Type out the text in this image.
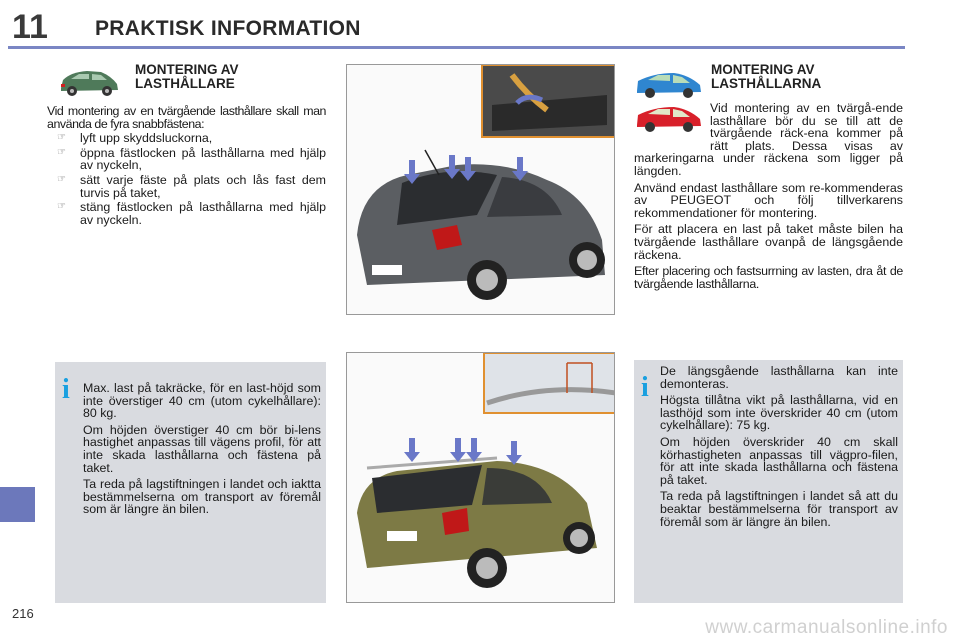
11 PRAKTISK INFORMATION
216
www.carmanualsonline.info
MONTERING AV
LASTHÅLLARE

Vid montering av en tvärgående lasthållare skall man använda de fyra snabbfästena:

☞ lyft upp skyddsluckorna,
☞ öppna fästlocken på lasthållarna med hjälp av nyckeln,
☞ sätt varje fäste på plats och lås fast dem turvis på taket,
☞ stäng fästlocken på lasthållarna med hjälp av nyckeln.
i Max. last på takräcke, för en last-höjd som inte överstiger 40 cm (utom cykelhållare): 80 kg.

Om höjden överstiger 40 cm bör bi-lens hastighet anpassas till vägens profil, för att inte skada lasthållarna och fästena på taket.

Ta reda på lagstiftningen i landet och iaktta bestämmelserna om transport av föremål som är längre än bilen.

MONTERING AV
LASTHÅLLARNA

Vid montering av en tvärgå-ende lasthållare bör du se till att de tvärgående räck-ena kommer på rätt plats. Dessa visas av markeringarna under räckena som ligger på längden.

Använd endast lasthållare som re-kommenderas av PEUGEOT och följ tillverkarens rekommendationer för montering.

För att placera en last på taket måste bilen ha tvärgående lasthållare ovanpå de längsgående räckena.

Efter placering och fastsurrning av lasten, dra åt de tvärgående lasthållarna.

i

De längsgående lasthållarna kan inte demonteras.

Högsta tillåtna vikt på lasthållarna, vid en lasthöjd som inte överskrider 40 cm (utom cykelhållare): 75 kg.

Om höjden överskrider 40 cm skall körhastigheten anpassas till vägpro-filen, för att inte skada lasthållarna och fästena på taket.

Ta reda på lagstiftningen i landet så att du beaktar bestämmelserna för transport av föremål som är längre än bilen.
